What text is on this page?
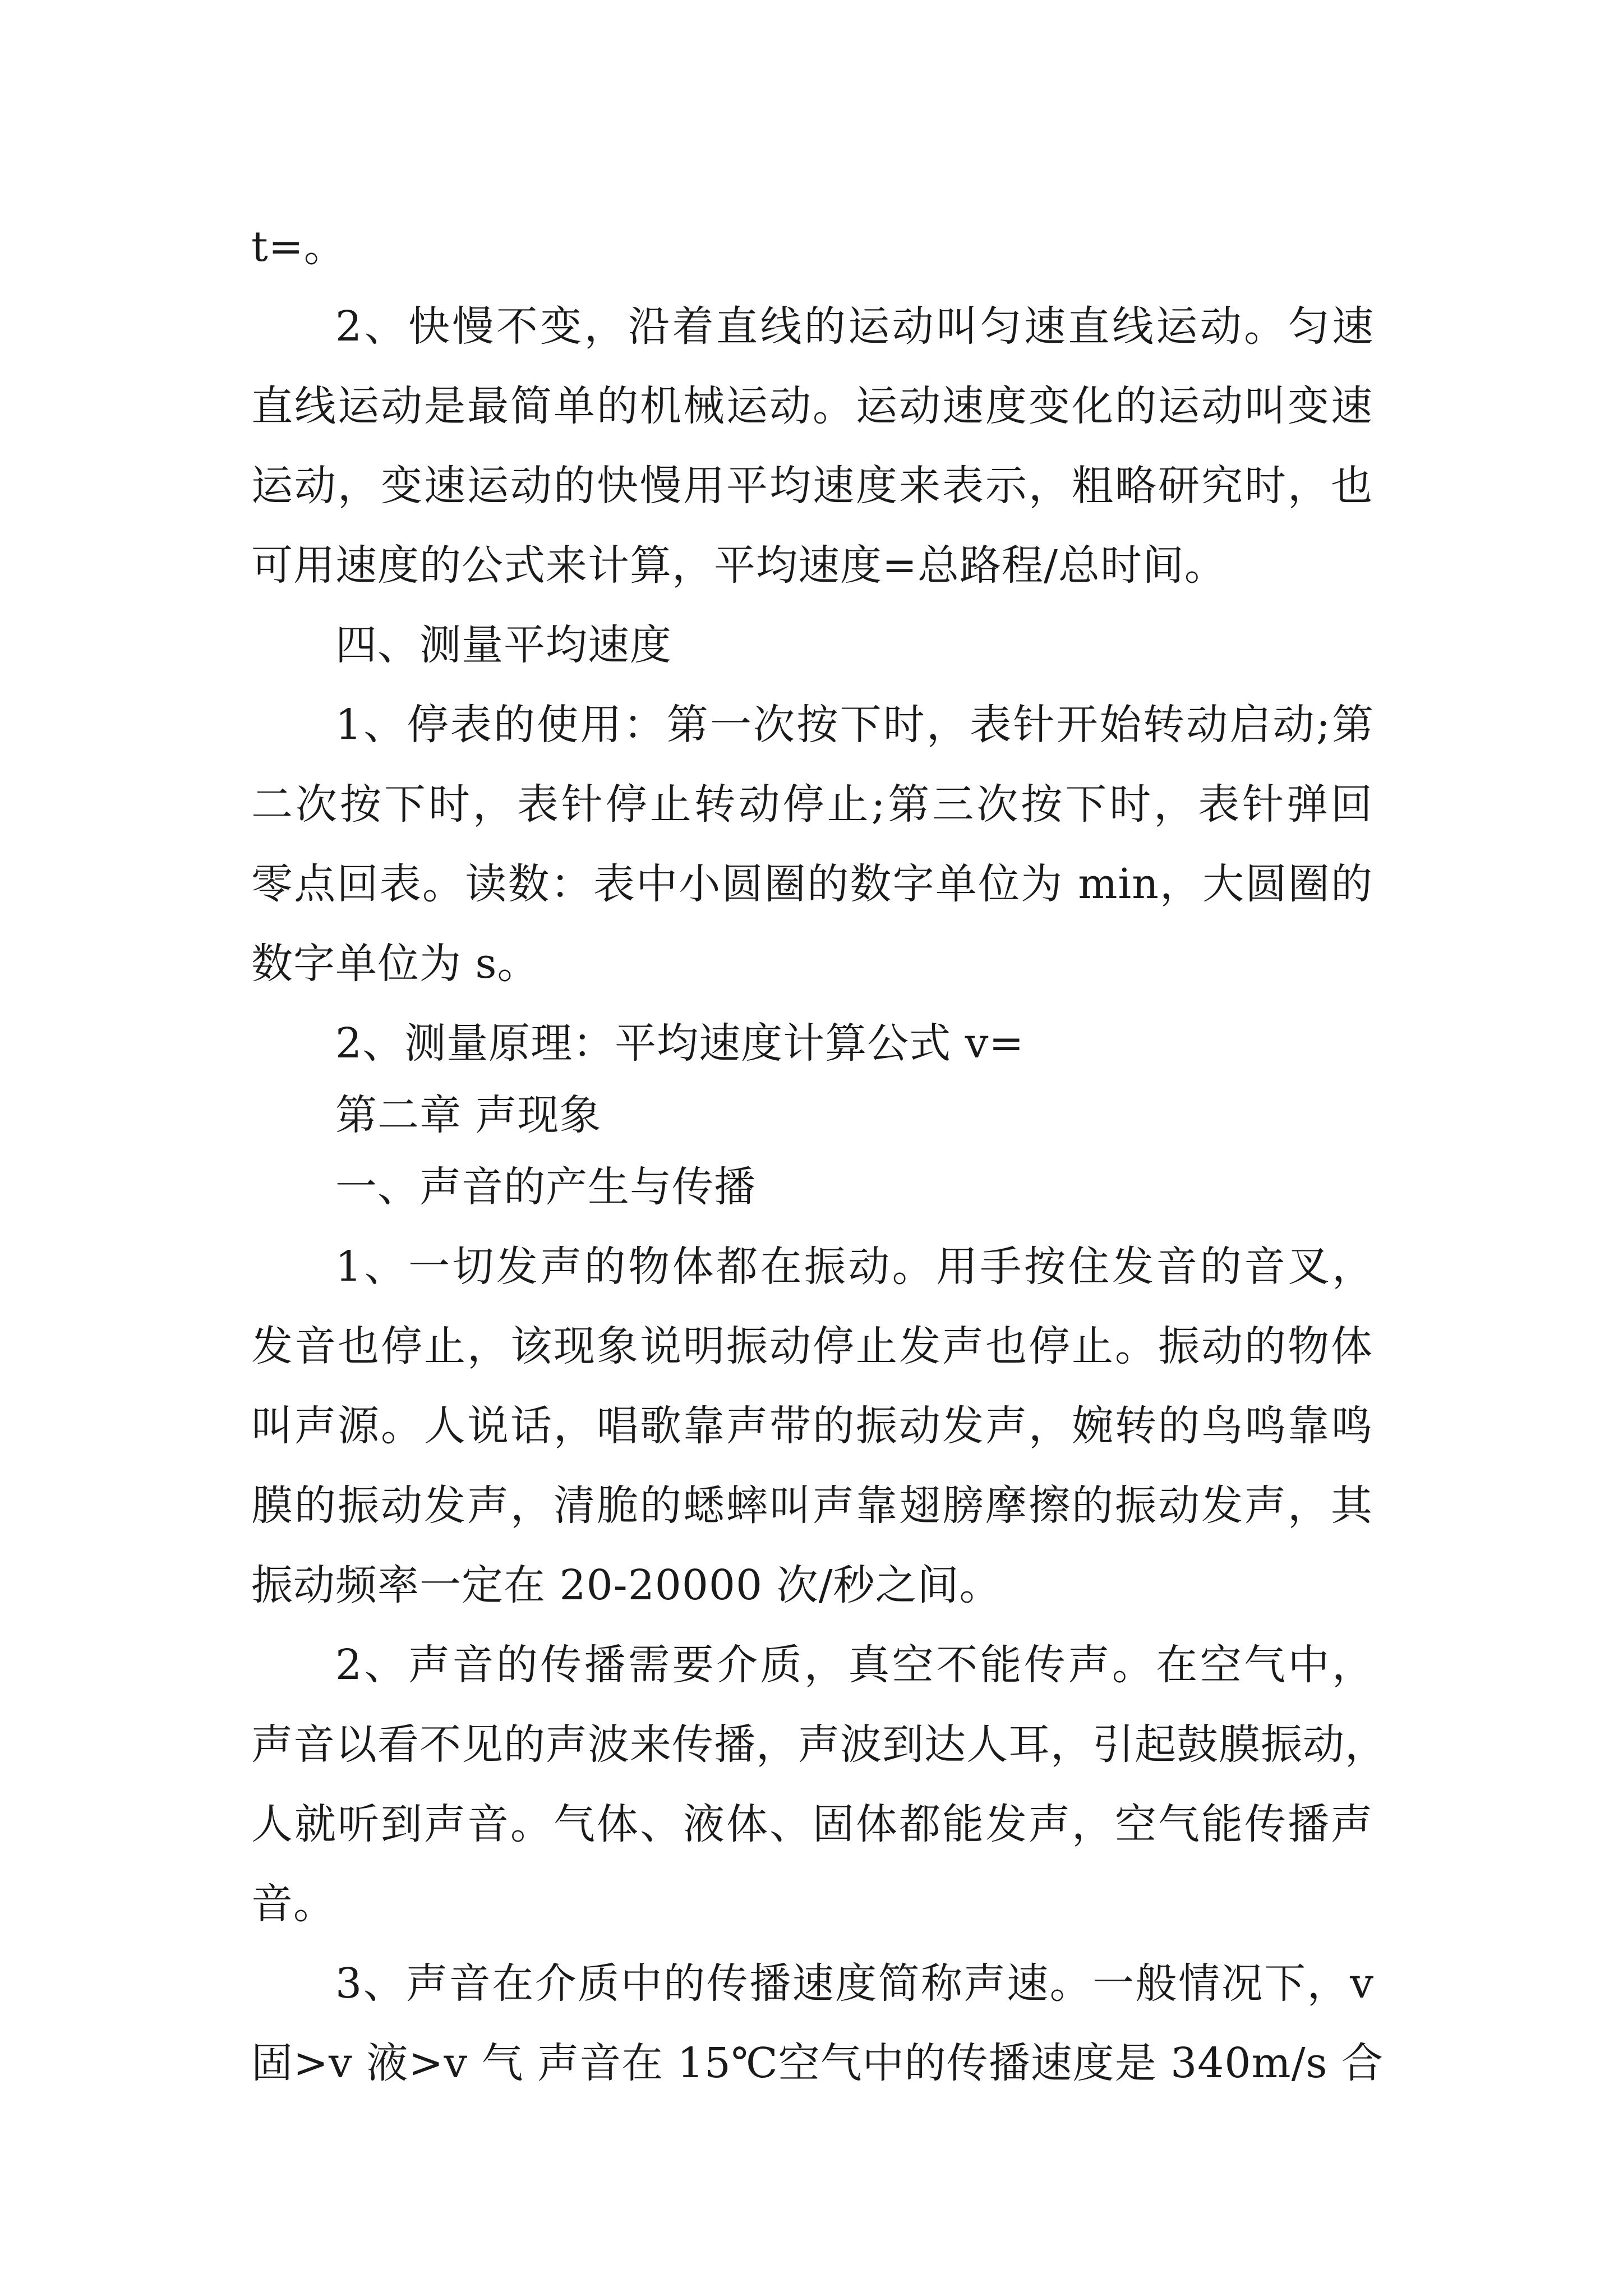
t=。
2、快慢不变，沿着直线的运动叫匀速直线运动。匀速
直线运动是最简单的机械运动。运动速度变化的运动叫变速
运动，变速运动的快慢用平均速度来表示，粗略研究时，也
可用速度的公式来计算，平均速度=总路程/总时间。
四、测量平均速度
1、停表的使用：第一次按下时，表针开始转动启动;第
二次按下时，表针停止转动停止;第三次按下时，表针弹回
零点回表。读数：表中小圆圈的数字单位为 min，大圆圈的
数字单位为 s。
2、测量原理：平均速度计算公式 v=
第二章 声现象
一、声音的产生与传播
1、一切发声的物体都在振动。用手按住发音的音叉，
发音也停止，该现象说明振动停止发声也停止。振动的物体
叫声源。人说话，唱歌靠声带的振动发声，婉转的鸟鸣靠鸣
膜的振动发声，清脆的蟋蟀叫声靠翅膀摩擦的振动发声，其
振动频率一定在 20-20000 次/秒之间。
2、声音的传播需要介质，真空不能传声。在空气中，
声音以看不见的声波来传播，声波到达人耳，引起鼓膜振动，
人就听到声音。气体、液体、固体都能发声，空气能传播声
音。
3、声音在介质中的传播速度简称声速。一般情况下，v
固>v 液>v 气 声音在 15℃空气中的传播速度是 340m/s 合
